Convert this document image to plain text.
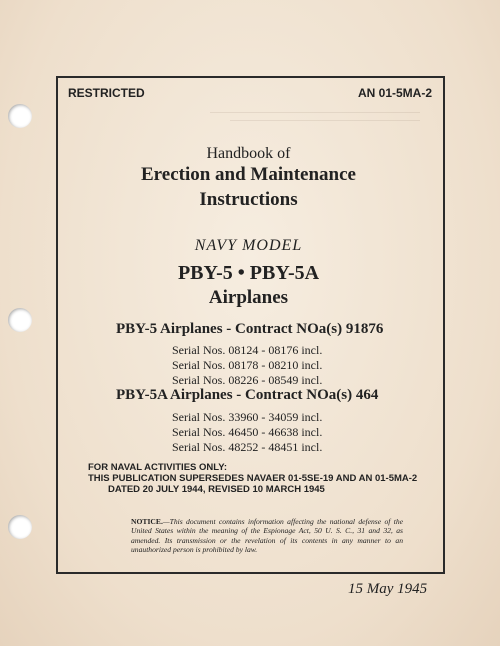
RESTRICTED	AN 01-5MA-2
Handbook of
Erection and Maintenance
Instructions
NAVY MODEL
PBY-5 • PBY-5A
Airplanes
PBY-5 Airplanes - Contract NOa(s) 91876
Serial Nos. 08124 - 08176 incl.
Serial Nos. 08178 - 08210 incl.
Serial Nos. 08226 - 08549 incl.
PBY-5A Airplanes - Contract NOa(s) 464
Serial Nos. 33960 - 34059 incl.
Serial Nos. 46450 - 46638 incl.
Serial Nos. 48252 - 48451 incl.
FOR NAVAL ACTIVITIES ONLY:
THIS PUBLICATION SUPERSEDES NAVAER 01-5SE-19 AND AN 01-5MA-2
DATED 20 JULY 1944, REVISED 10 MARCH 1945
NOTICE.—This document contains information affecting the national defense of the United States within the meaning of the Espionage Act, 50 U. S. C., 31 and 32, as amended. Its transmission or the revelation of its contents in any manner to an unauthorized person is prohibited by law.
15 May 1945
